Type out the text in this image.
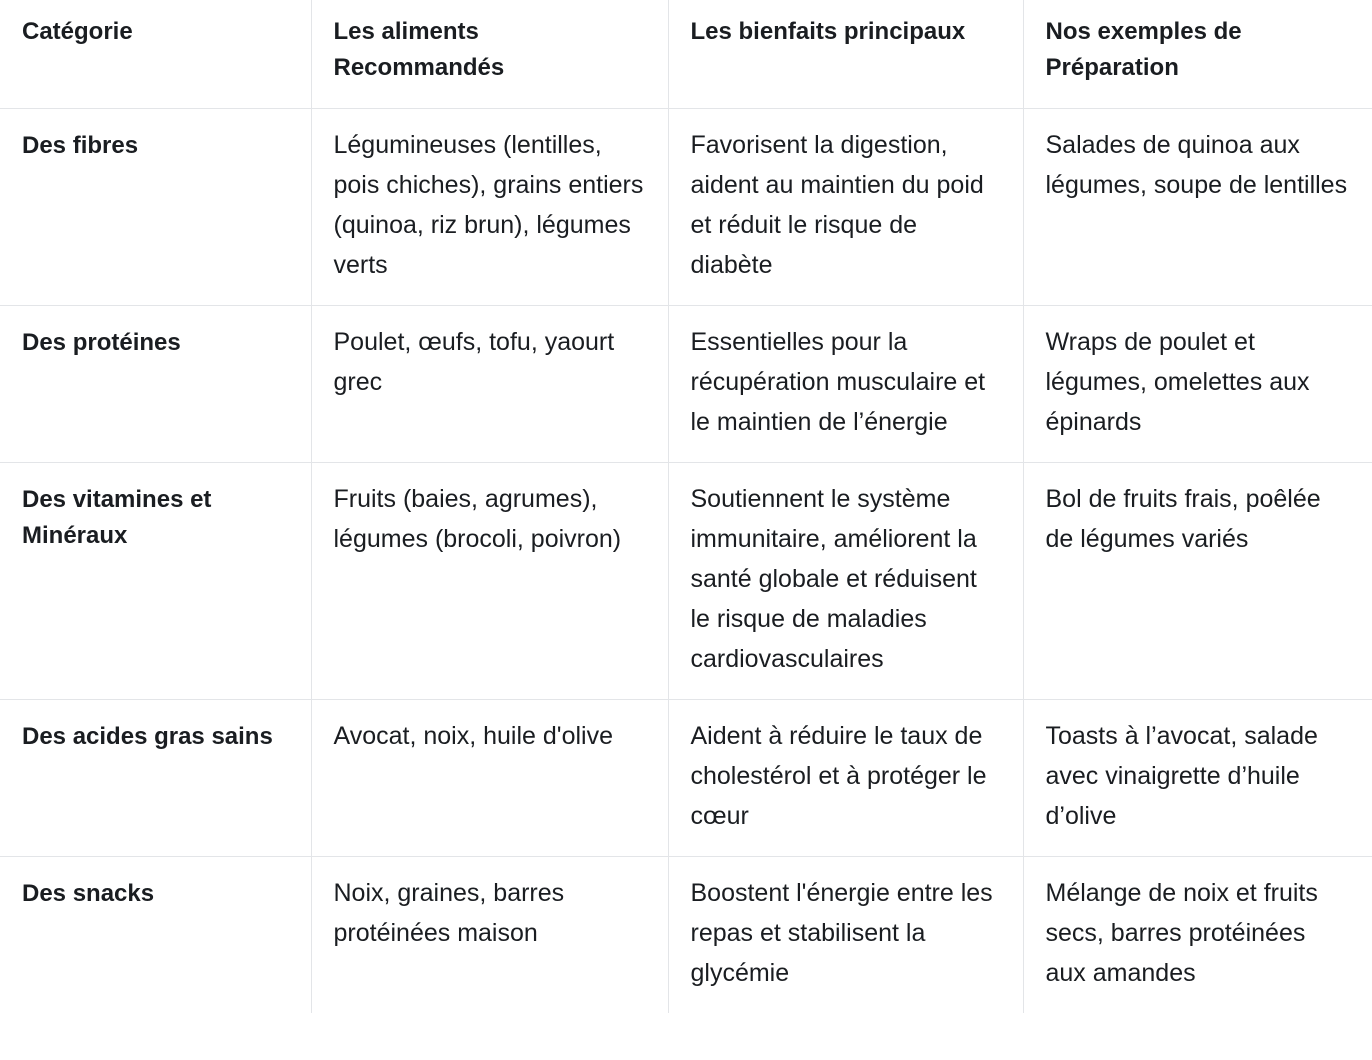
Catégorie	Les aliments Recommandés	Les bienfaits principaux	Nos exemples de Préparation
Des fibres	Légumineuses (lentilles, pois chiches), grains entiers (quinoa, riz brun), légumes verts	Favorisent la digestion, aident au maintien du poid et réduit le risque de diabète	Salades de quinoa aux légumes, soupe de lentilles
Des protéines	Poulet, œufs, tofu, yaourt grec	Essentielles pour la récupération musculaire et le maintien de l’énergie	Wraps de poulet et légumes, omelettes aux épinards
Des vitamines et Minéraux	Fruits (baies, agrumes), légumes (brocoli, poivron)	Soutiennent le système immunitaire, améliorent la santé globale et réduisent le risque de maladies cardiovasculaires	Bol de fruits frais, poêlée de légumes variés
Des acides gras sains	Avocat, noix, huile d'olive	Aident à réduire le taux de cholestérol et à protéger le cœur	Toasts à l’avocat, salade avec vinaigrette d’huile d’olive
Des snacks	Noix, graines, barres protéinées maison	Boostent l'énergie entre les repas et stabilisent la glycémie	Mélange de noix et fruits secs, barres protéinées aux amandes
